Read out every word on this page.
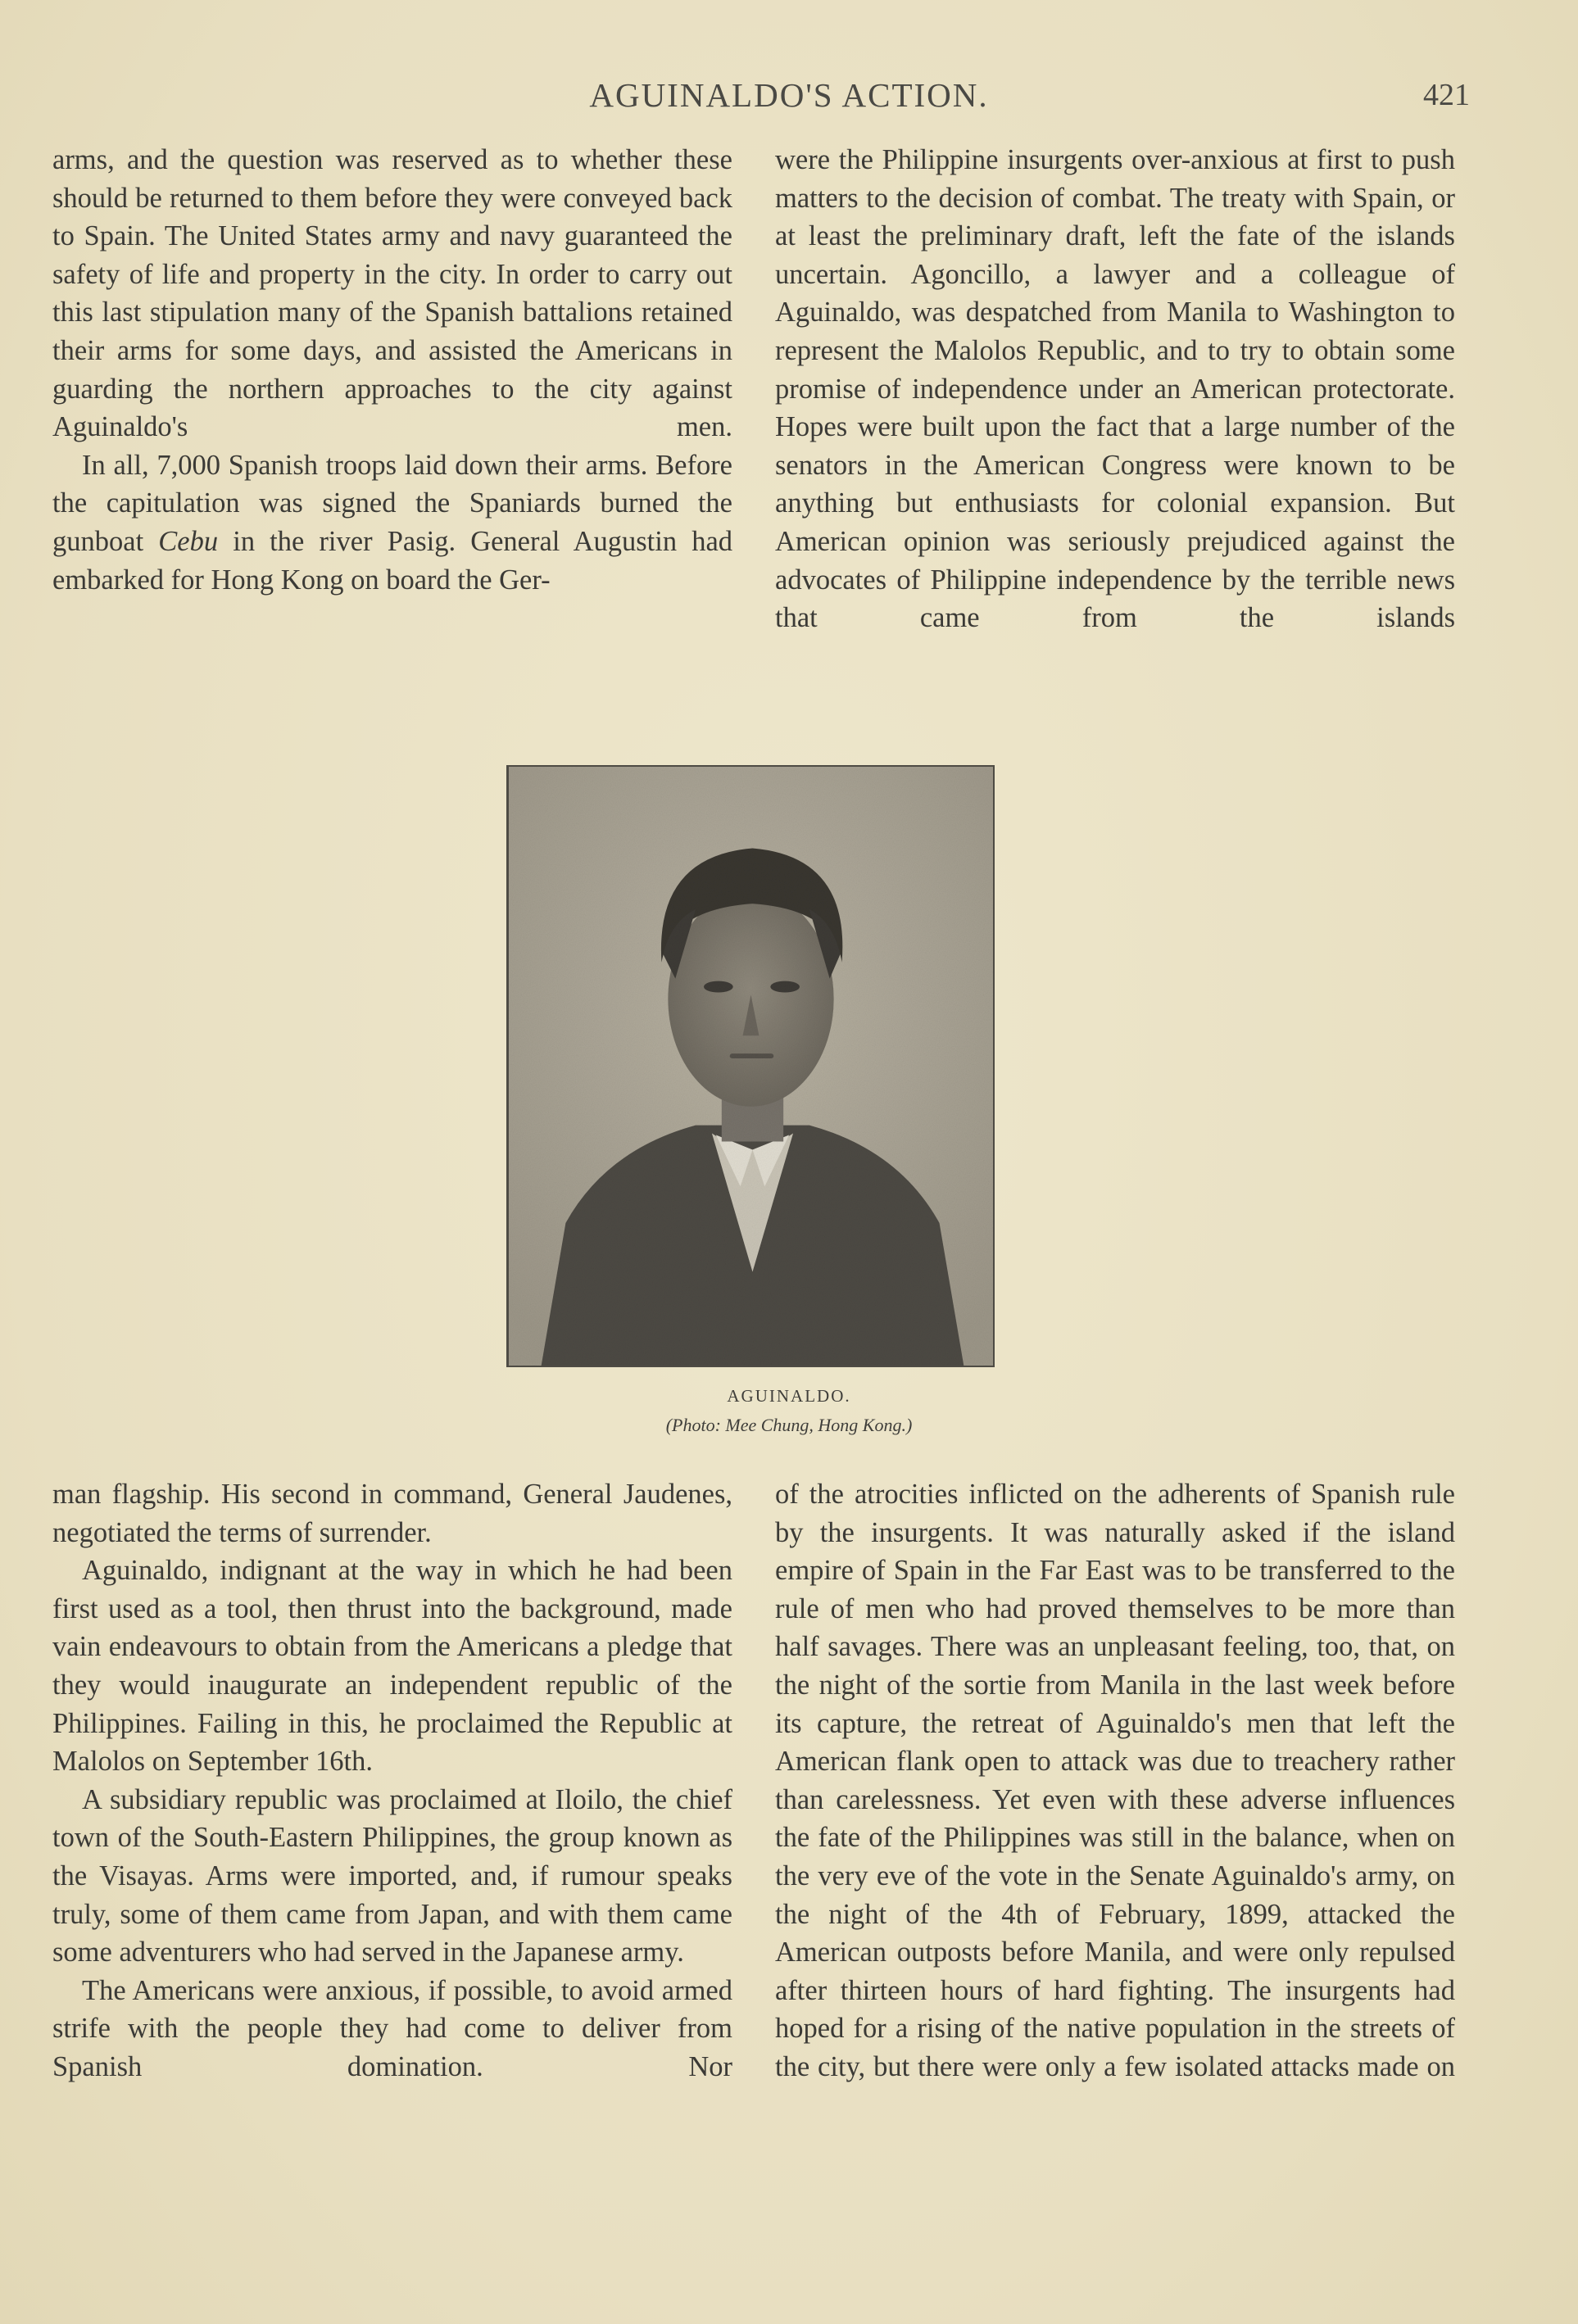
AGUINALDO'S ACTION.	421

arms, and the question was reserved as to whether these should be returned to them before they were conveyed back to Spain. The United States army and navy guaranteed the safety of life and property in the city. In order to carry out this last stipulation many of the Spanish battalions retained their arms for some days, and assisted the Americans in guarding the northern approaches to the city against Aguinaldo's men.

In all, 7,000 Spanish troops laid down their arms. Before the capitulation was signed the Spaniards burned the gunboat Cebu in the river Pasig. General Augustin had embarked for Hong Kong on board the Ger-

were the Philippine insurgents over-anxious at first to push matters to the decision of combat. The treaty with Spain, or at least the preliminary draft, left the fate of the islands uncertain. Agoncillo, a lawyer and a colleague of Aguinaldo, was despatched from Manila to Washington to represent the Malolos Republic, and to try to obtain some promise of independence under an American protectorate. Hopes were built upon the fact that a large number of the senators in the American Congress were known to be anything but enthusiasts for colonial expansion. But American opinion was seriously prejudiced against the advocates of Philippine independence by the terrible news that came from the islands

AGUINALDO.
(Photo: Mee Chung, Hong Kong.)

man flagship. His second in command, General Jaudenes, negotiated the terms of surrender.

Aguinaldo, indignant at the way in which he had been first used as a tool, then thrust into the background, made vain endeavours to obtain from the Americans a pledge that they would inaugurate an independent republic of the Philippines. Failing in this, he proclaimed the Republic at Malolos on September 16th.

A subsidiary republic was proclaimed at Iloilo, the chief town of the South-Eastern Philippines, the group known as the Visayas. Arms were imported, and, if rumour speaks truly, some of them came from Japan, and with them came some adventurers who had served in the Japanese army.

The Americans were anxious, if possible, to avoid armed strife with the people they had come to deliver from Spanish domination. Nor

of the atrocities inflicted on the adherents of Spanish rule by the insurgents. It was naturally asked if the island empire of Spain in the Far East was to be transferred to the rule of men who had proved themselves to be more than half savages. There was an unpleasant feeling, too, that, on the night of the sortie from Manila in the last week before its capture, the retreat of Aguinaldo's men that left the American flank open to attack was due to treachery rather than carelessness. Yet even with these adverse influences the fate of the Philippines was still in the balance, when on the very eve of the vote in the Senate Aguinaldo's army, on the night of the 4th of February, 1899, attacked the American outposts before Manila, and were only repulsed after thirteen hours of hard fighting. The insurgents had hoped for a rising of the native population in the streets of the city, but there were only a few isolated attacks made on
